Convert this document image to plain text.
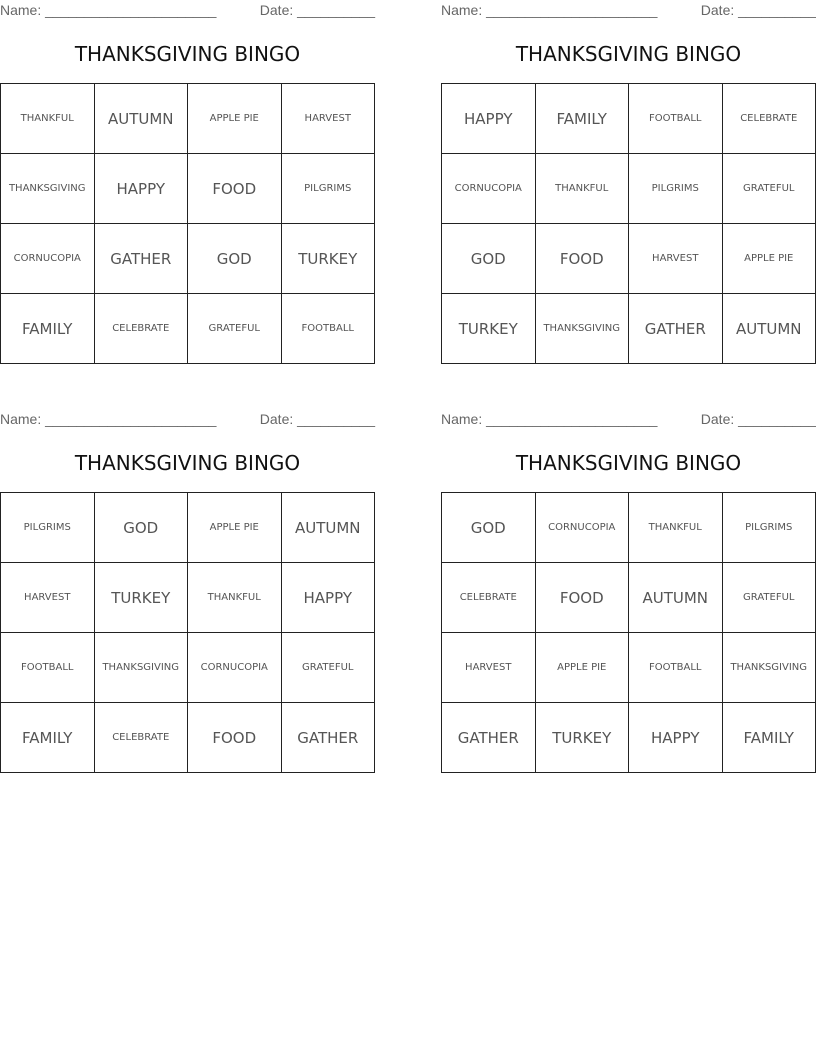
Name: ______________________	Date: __________
THANKSGIVING BINGO
THANKFUL	AUTUMN	APPLE PIE	HARVEST
THANKSGIVING	HAPPY	FOOD	PILGRIMS
CORNUCOPIA	GATHER	GOD	TURKEY
FAMILY	CELEBRATE	GRATEFUL	FOOTBALL
Name: ______________________	Date: __________
THANKSGIVING BINGO
HAPPY	FAMILY	FOOTBALL	CELEBRATE
CORNUCOPIA	THANKFUL	PILGRIMS	GRATEFUL
GOD	FOOD	HARVEST	APPLE PIE
TURKEY	THANKSGIVING	GATHER	AUTUMN
Name: ______________________	Date: __________
THANKSGIVING BINGO
PILGRIMS	GOD	APPLE PIE	AUTUMN
HARVEST	TURKEY	THANKFUL	HAPPY
FOOTBALL	THANKSGIVING	CORNUCOPIA	GRATEFUL
FAMILY	CELEBRATE	FOOD	GATHER
Name: ______________________	Date: __________
THANKSGIVING BINGO
GOD	CORNUCOPIA	THANKFUL	PILGRIMS
CELEBRATE	FOOD	AUTUMN	GRATEFUL
HARVEST	APPLE PIE	FOOTBALL	THANKSGIVING
GATHER	TURKEY	HAPPY	FAMILY
